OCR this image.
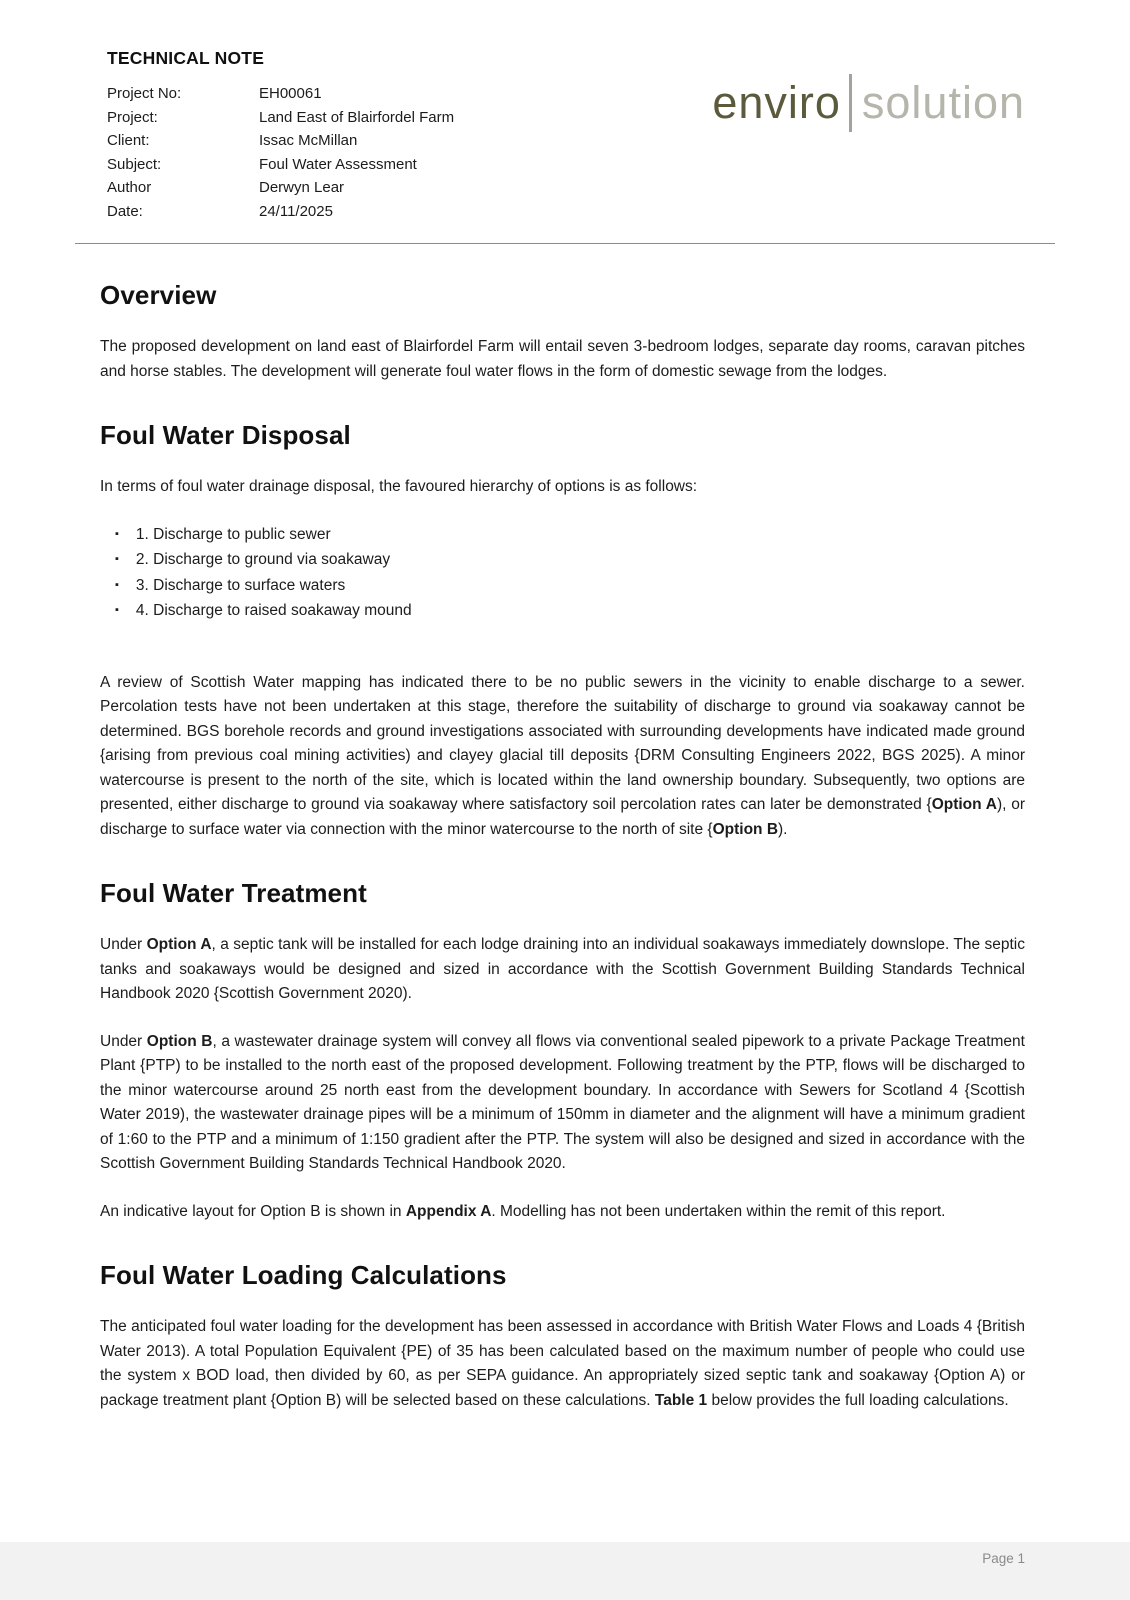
TECHNICAL NOTE
Project No:	EH00061
Project:	Land East of Blairfordel Farm
Client:	Issac McMillan
Subject:	Foul Water Assessment
Author	Derwyn Lear
Date:	24/11/2025
enviro solution
Overview

The proposed development on land east of Blairfordel Farm will entail seven 3-bedroom lodges, separate day rooms, caravan pitches and horse stables. The development will generate foul water flows in the form of domestic sewage from the lodges.

Foul Water Disposal

In terms of foul water drainage disposal, the favoured hierarchy of options is as follows:

▪ 1. Discharge to public sewer
▪ 2. Discharge to ground via soakaway
▪ 3. Discharge to surface waters
▪ 4. Discharge to raised soakaway mound

A review of Scottish Water mapping has indicated there to be no public sewers in the vicinity to enable discharge to a sewer. Percolation tests have not been undertaken at this stage, therefore the suitability of discharge to ground via soakaway cannot be determined. BGS borehole records and ground investigations associated with surrounding developments have indicated made ground {arising from previous coal mining activities) and clayey glacial till deposits {DRM Consulting Engineers 2022, BGS 2025). A minor watercourse is present to the north of the site, which is located within the land ownership boundary. Subsequently, two options are presented, either discharge to ground via soakaway where satisfactory soil percolation rates can later be demonstrated {Option A), or discharge to surface water via connection with the minor watercourse to the north of site {Option B).

Foul Water Treatment

Under Option A, a septic tank will be installed for each lodge draining into an individual soakaways immediately downslope. The septic tanks and soakaways would be designed and sized in accordance with the Scottish Government Building Standards Technical Handbook 2020 {Scottish Government 2020).

Under Option B, a wastewater drainage system will convey all flows via conventional sealed pipework to a private Package Treatment Plant {PTP) to be installed to the north east of the proposed development. Following treatment by the PTP, flows will be discharged to the minor watercourse around 25 north east from the development boundary. In accordance with Sewers for Scotland 4 {Scottish Water 2019), the wastewater drainage pipes will be a minimum of 150mm in diameter and the alignment will have a minimum gradient of 1:60 to the PTP and a minimum of 1:150 gradient after the PTP. The system will also be designed and sized in accordance with the Scottish Government Building Standards Technical Handbook 2020.

An indicative layout for Option B is shown in Appendix A. Modelling has not been undertaken within the remit of this report.

Foul Water Loading Calculations

The anticipated foul water loading for the development has been assessed in accordance with British Water Flows and Loads 4 {British Water 2013). A total Population Equivalent {PE) of 35 has been calculated based on the maximum number of people who could use the system x BOD load, then divided by 60, as per SEPA guidance. An appropriately sized septic tank and soakaway {Option A) or package treatment plant {Option B) will be selected based on these calculations. Table 1 below provides the full loading calculations.

Page 1
